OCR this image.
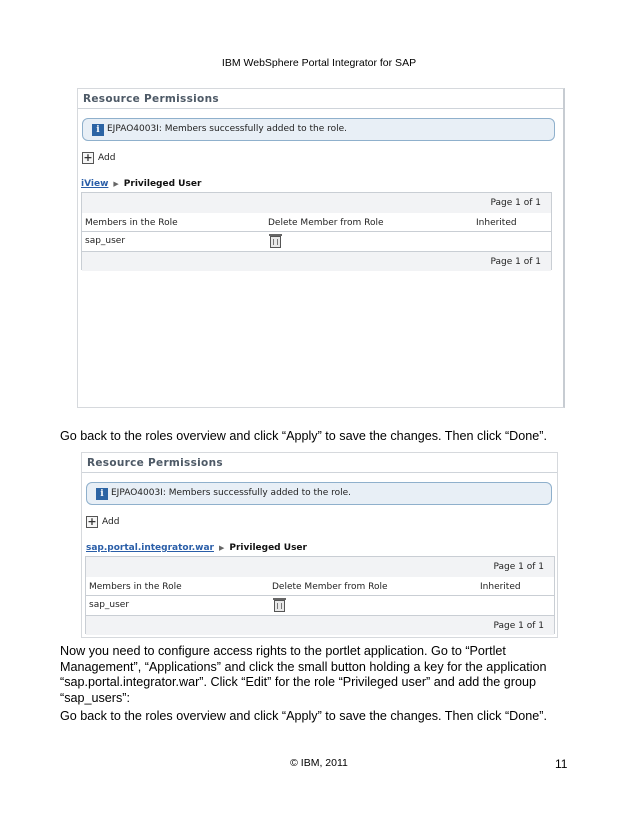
IBM WebSphere Portal Integrator for SAP
Resource Permissions
i EJPAO4003I: Members successfully added to the role.
+ Add
iView ▶ Privileged User
Page 1 of 1
Members in the Role	Delete Member from Role	Inherited
sap_user
Page 1 of 1
Go back to the roles overview and click “Apply” to save the changes. Then click “Done”.
Resource Permissions
i EJPAO4003I: Members successfully added to the role.
+ Add
sap.portal.integrator.war ▶ Privileged User
Page 1 of 1
Members in the Role	Delete Member from Role	Inherited
sap_user
Page 1 of 1
Now you need to configure access rights to the portlet application. Go to “Portlet Management”, “Applications” and click the small button holding a key for the application “sap.portal.integrator.war”. Click “Edit” for the role “Privileged user” and add the group “sap_users”:
Go back to the roles overview and click “Apply” to save the changes. Then click “Done”.
© IBM, 2011	11
